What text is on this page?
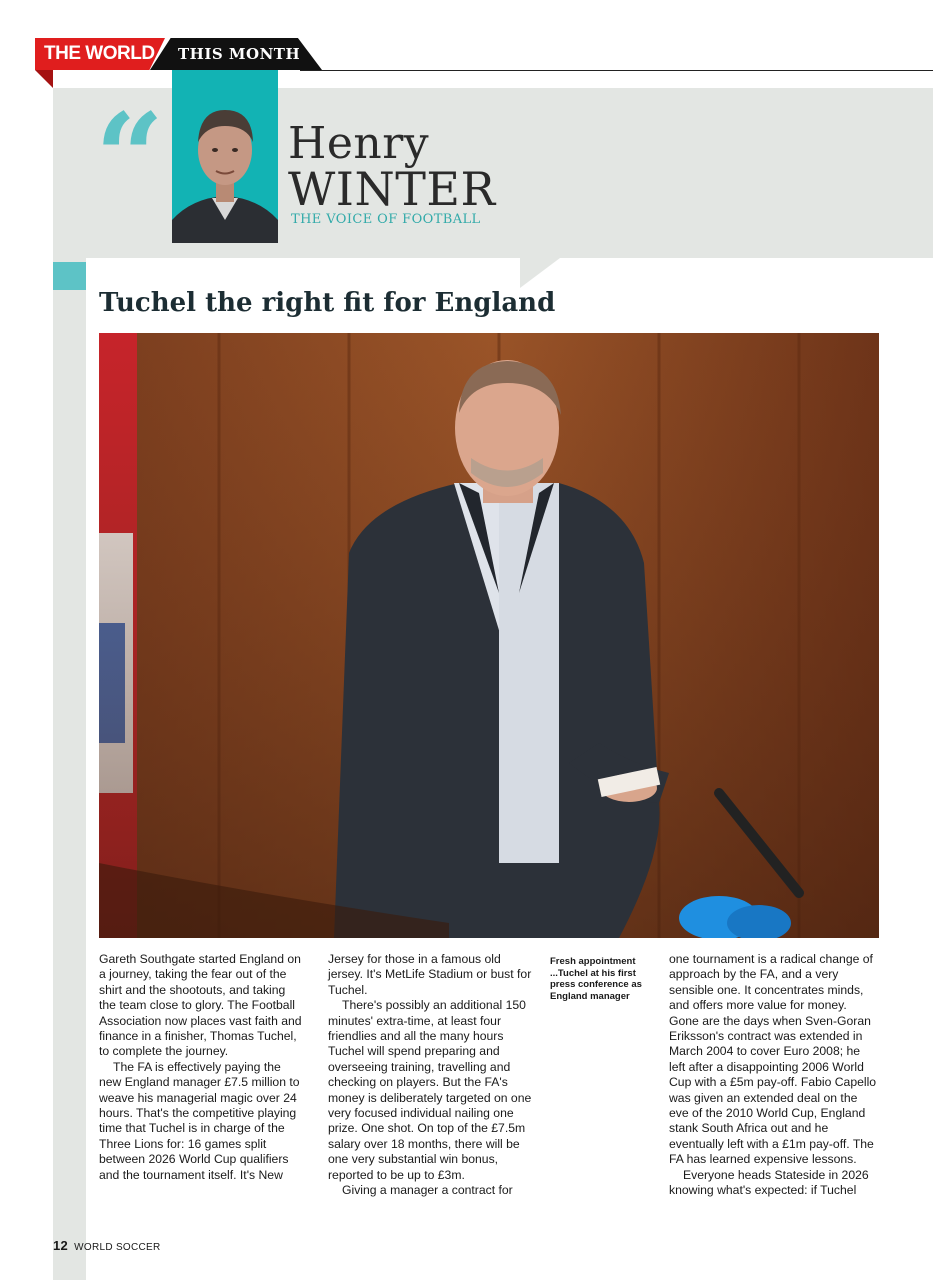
THE WORLD THIS MONTH
“	Henry
WINTER
THE VOICE OF FOOTBALL
Tuchel the right fit for England

Gareth Southgate started England on a journey, taking the fear out of the shirt and the shootouts, and taking the team close to glory. The Football Association now places vast faith and finance in a finisher, Thomas Tuchel, to complete the journey.

The FA is effectively paying the new England manager £7.5 million to weave his managerial magic over 24 hours. That's the competitive playing time that Tuchel is in charge of the Three Lions for: 16 games split between 2026 World Cup qualifiers and the tournament itself. It's New

Jersey for those in a famous old jersey. It's MetLife Stadium or bust for Tuchel.

There's possibly an additional 150 minutes' extra-time, at least four friendlies and all the many hours Tuchel will spend preparing and overseeing training, travelling and checking on players. But the FA's money is deliberately targeted on one very focused individual nailing one prize. One shot. On top of the £7.5m salary over 18 months, there will be one very substantial win bonus, reported to be up to £3m.

Giving a manager a contract for

Fresh appointment ...Tuchel at his first press conference as England manager

one tournament is a radical change of approach by the FA, and a very sensible one. It concentrates minds, and offers more value for money. Gone are the days when Sven-Goran Eriksson's contract was extended in March 2004 to cover Euro 2008; he left after a disappointing 2006 World Cup with a £5m pay-off. Fabio Capello was given an extended deal on the eve of the 2010 World Cup, England stank South Africa out and he eventually left with a £1m pay-off. The FA has learned expensive lessons.

Everyone heads Stateside in 2026 knowing what's expected: if Tuchel

12 WORLD SOCCER
